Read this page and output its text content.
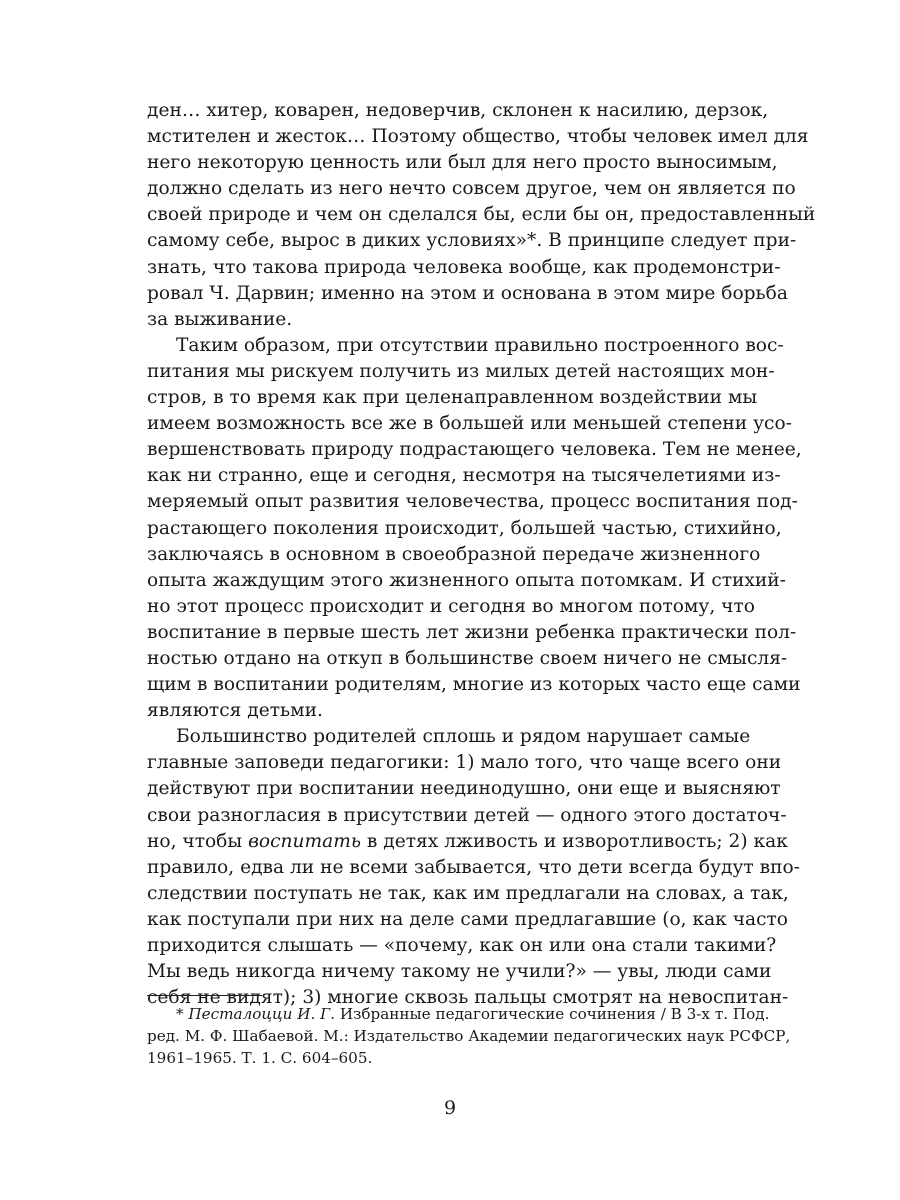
ден… хитер, коварен, недоверчив, склонен к насилию, дерзок,
мстителен и жесток… Поэтому общество, чтобы человек имел для
него некоторую ценность или был для него просто выносимым,
должно сделать из него нечто совсем другое, чем он является по
своей природе и чем он сделался бы, если бы он, предоставленный
самому себе, вырос в диких условиях»*. В принципе следует при-
знать, что такова природа человека вообще, как продемонстри-
ровал Ч. Дарвин; именно на этом и основана в этом мире борьба
за выживание.

Таким образом, при отсутствии правильно построенного вос-
питания мы рискуем получить из милых детей настоящих мон-
стров, в то время как при целенаправленном воздействии мы
имеем возможность все же в большей или меньшей степени усо-
вершенствовать природу подрастающего человека. Тем не менее,
как ни странно, еще и сегодня, несмотря на тысячелетиями из-
меряемый опыт развития человечества, процесс воспитания под-
растающего поколения происходит, большей частью, стихийно,
заключаясь в основном в своеобразной передаче жизненного
опыта жаждущим этого жизненного опыта потомкам. И стихий-
но этот процесс происходит и сегодня во многом потому, что
воспитание в первые шесть лет жизни ребенка практически пол-
ностью отдано на откуп в большинстве своем ничего не смысля-
щим в воспитании родителям, многие из которых часто еще сами
являются детьми.

Большинство родителей сплошь и рядом нарушает самые
главные заповеди педагогики: 1) мало того, что чаще всего они
действуют при воспитании неединодушно, они еще и выясняют
свои разногласия в присутствии детей — одного этого достаточ-
но, чтобы воспитать в детях лживость и изворотливость; 2) как
правило, едва ли не всеми забывается, что дети всегда будут впо-
следствии поступать не так, как им предлагали на словах, а так,
как поступали при них на деле сами предлагавшие (о, как часто
приходится слышать — «почему, как он или она стали такими?
Мы ведь никогда ничему такому не учили?» — увы, люди сами
себя не видят); 3) многие сквозь пальцы смотрят на невоспитан-

* Песталоцци И. Г. Избранные педагогические сочинения / В 3-х т. Под.
ред. М. Ф. Шабаевой. М.: Издательство Академии педагогических наук РСФСР,
1961–1965. Т. 1. С. 604–605.
9
